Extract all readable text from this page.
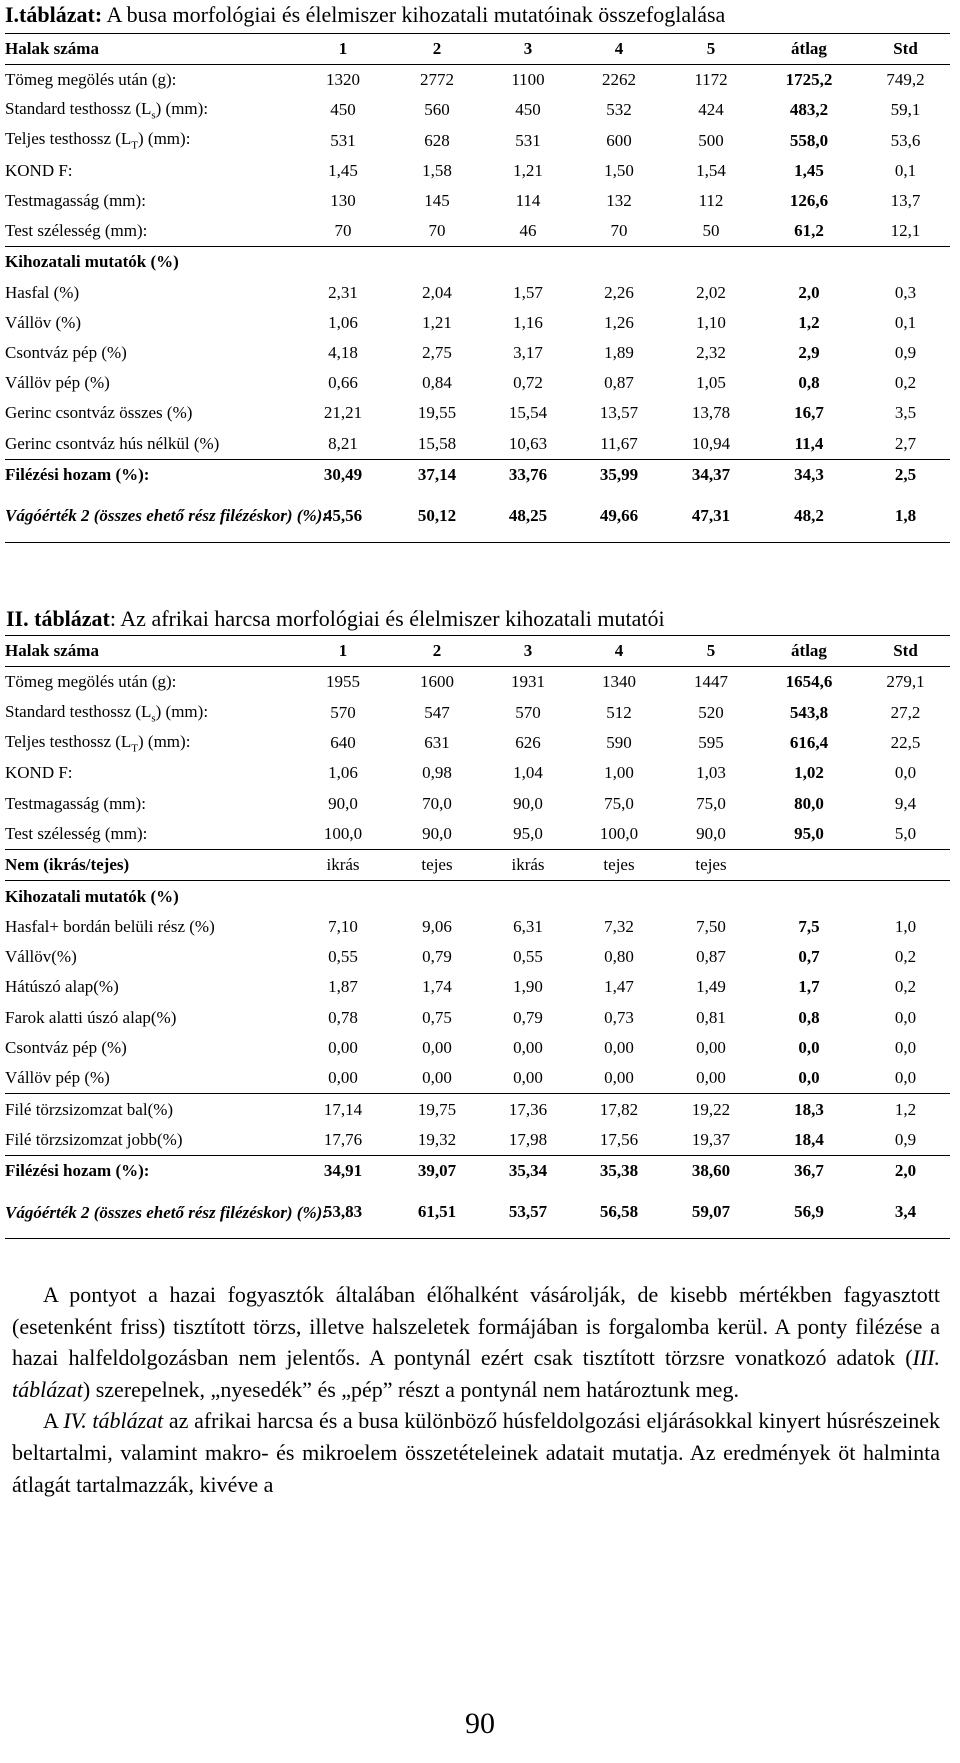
I.táblázat: A busa morfológiai és élelmiszer kihozatali mutatóinak összefoglalása
Halak száma	1	2	3	4	5	átlag	Std
Tömeg megölés után (g):	1320	2772	1100	2262	1172	1725,2	749,2
Standard testhossz $(L_s)$ (mm):	450	560	450	532	424	483,2	59,1
Teljes testhossz $(L_T)$ (mm):	531	628	531	600	500	558,0	53,6
KOND F:	1,45	1,58	1,21	1,50	1,54	1,45	0,1
Testmagasság (mm):	130	145	114	132	112	126,6	13,7
Test szélesség (mm):	70	70	46	70	50	61,2	12,1
Kihozatali mutatók (%)							
Hasfal (%)	2,31	2,04	1,57	2,26	2,02	2,0	0,3
Vállöv (%)	1,06	1,21	1,16	1,26	1,10	1,2	0,1
Csontváz pép (%)	4,18	2,75	3,17	1,89	2,32	2,9	0,9
Vállöv pép (%)	0,66	0,84	0,72	0,87	1,05	0,8	0,2
Gerinc csontváz összes (%)	21,21	19,55	15,54	13,57	13,78	16,7	3,5
Gerinc csontváz hús nélkül (%)	8,21	15,58	10,63	11,67	10,94	11,4	2,7
Filézési hozam (%):	30,49	37,14	33,76	35,99	34,37	34,3	2,5
Vágóérték 2 (összes ehető rész filézéskor) (%):	45,56	50,12	48,25	49,66	47,31	48,2	1,8
II. táblázat: Az afrikai harcsa morfológiai és élelmiszer kihozatali mutatói
Halak száma	1	2	3	4	5	átlag	Std
Tömeg megölés után (g):	1955	1600	1931	1340	1447	1654,6	279,1
Standard testhossz $(L_s)$ (mm):	570	547	570	512	520	543,8	27,2
Teljes testhossz $(L_T)$ (mm):	640	631	626	590	595	616,4	22,5
KOND F:	1,06	0,98	1,04	1,00	1,03	1,02	0,0
Testmagasság (mm):	90,0	70,0	90,0	75,0	75,0	80,0	9,4
Test szélesség (mm):	100,0	90,0	95,0	100,0	90,0	95,0	5,0
Nem (ikrás/tejes)	ikrás	tejes	ikrás	tejes	tejes		
Kihozatali mutatók (%)							
Hasfal+ bordán belüli rész (%)	7,10	9,06	6,31	7,32	7,50	7,5	1,0
Vállöv(%)	0,55	0,79	0,55	0,80	0,87	0,7	0,2
Hátúszó alap(%)	1,87	1,74	1,90	1,47	1,49	1,7	0,2
Farok alatti úszó alap(%)	0,78	0,75	0,79	0,73	0,81	0,8	0,0
Csontváz pép (%)	0,00	0,00	0,00	0,00	0,00	0,0	0,0
Vállöv pép (%)	0,00	0,00	0,00	0,00	0,00	0,0	0,0
Filé törzsizomzat bal(%)	17,14	19,75	17,36	17,82	19,22	18,3	1,2
Filé törzsizomzat jobb(%)	17,76	19,32	17,98	17,56	19,37	18,4	0,9
Filézési hozam (%):	34,91	39,07	35,34	35,38	38,60	36,7	2,0
Vágóérték 2 (összes ehető rész filézéskor) (%):	53,83	61,51	53,57	56,58	59,07	56,9	3,4

A pontyot a hazai fogyasztók általában élőhalként vásárolják, de kisebb mértékben fagyasztott (esetenként friss) tisztított törzs, illetve halszeletek formájában is forgalomba kerül. A ponty filézése a hazai halfeldolgozásban nem jelentős. A pontynál ezért csak tisztított törzsre vonatkozó adatok (III. táblázat) szerepelnek, „nyesedék” és „pép” részt a pontynál nem határoztunk meg.

A IV. táblázat az afrikai harcsa és a busa különböző húsfeldolgozási eljárásokkal kinyert húsrészeinek beltartalmi, valamint makro- és mikroelem összetételeinek adatait mutatja. Az eredmények öt halminta átlagát tartalmazzák, kivéve a

90
